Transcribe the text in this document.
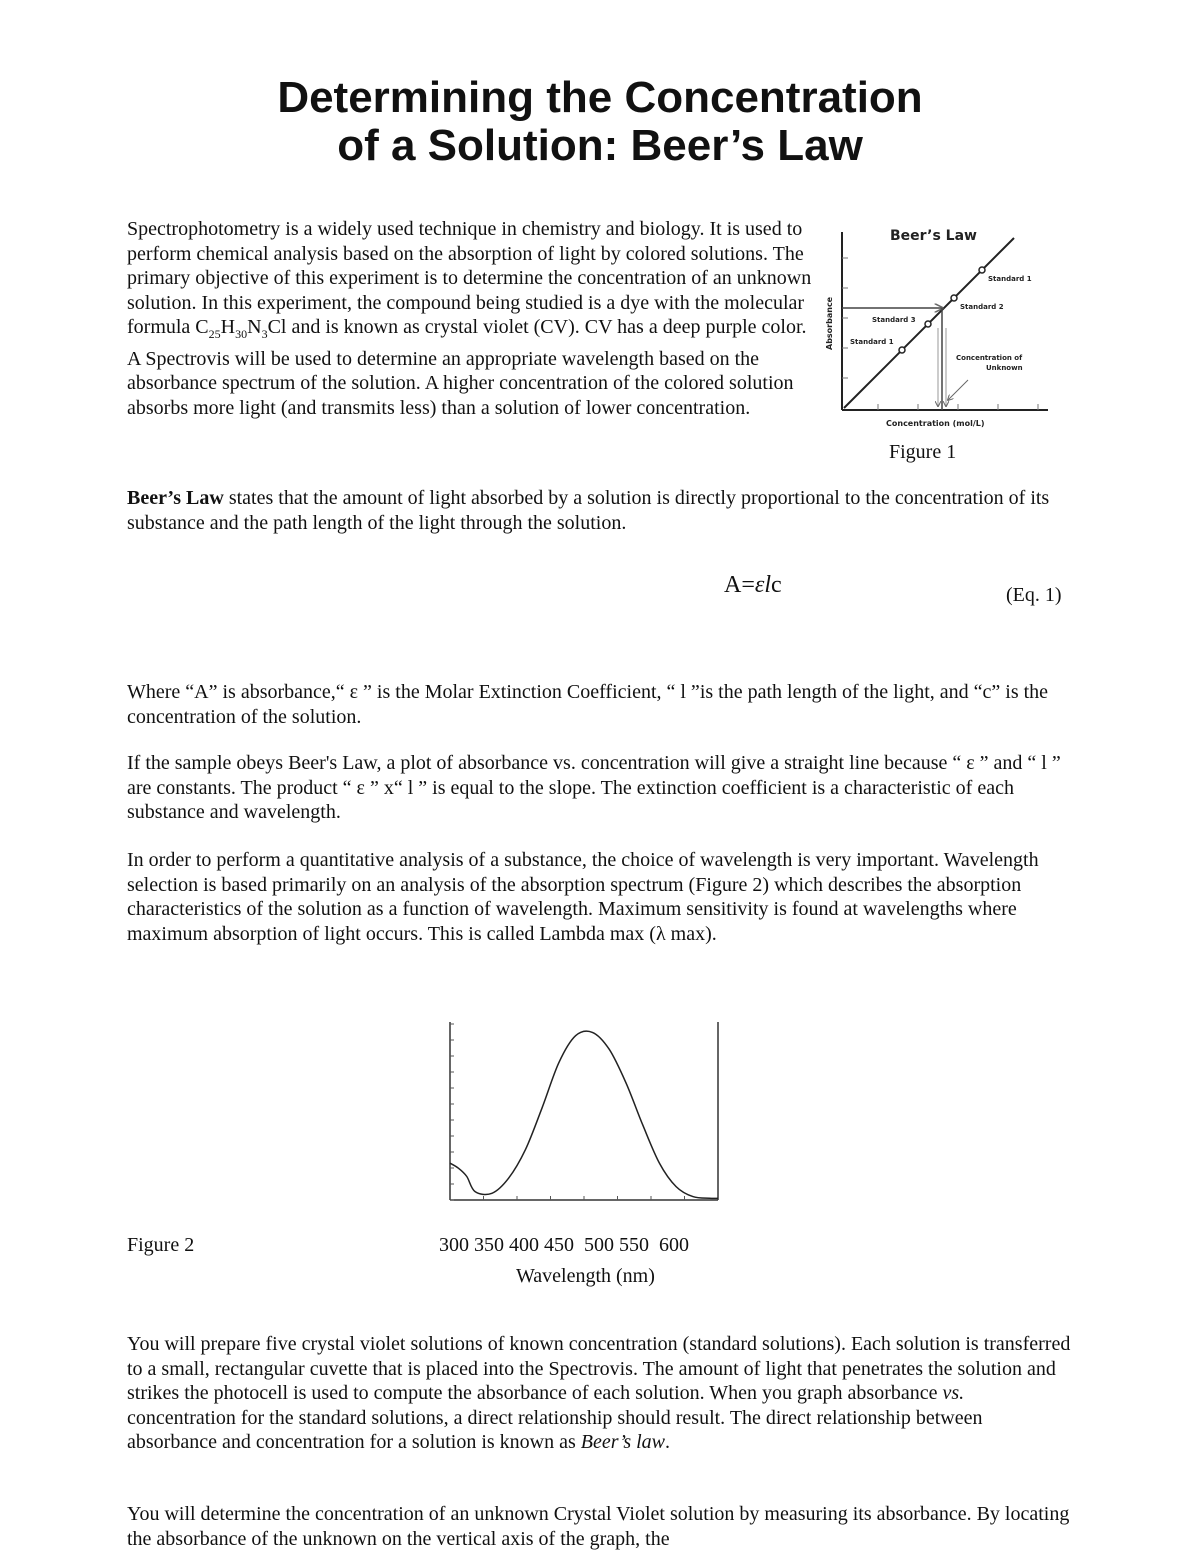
Determining the Concentration
of a Solution: Beer’s Law

Spectrophotometry is a widely used technique in chemistry and biology. It is used to perform chemical analysis based on the absorption of light by colored solutions. The primary objective of this experiment is to determine the concentration of an unknown solution. In this experiment, the compound being studied is a dye with the molecular formula $C_{25}H_{30}N_3Cl$ and is known as crystal violet (CV). CV has a deep purple color. A Spectrovis will be used to determine an appropriate wavelength based on the absorbance spectrum of the solution. A higher concentration of the colored solution absorbs more light (and transmits less) than a solution of lower concentration.

Beer’s Law
Standard 1
Standard 2
Standard 3
Standard 1
Concentration of
Unknown
Absorbance
Concentration (mol/L)
Figure 1

Beer’s Law states that the amount of light absorbed by a solution is directly proportional to the concentration of its substance and the path length of the light through the solution.

A=εlc	(Eq. 1)

Where “A” is absorbance,“ ε ” is the Molar Extinction Coefficient, “ l ”is the path length of the light, and “c” is the concentration of the solution.

If the sample obeys Beer's Law, a plot of absorbance vs. concentration will give a straight line because “ ε ” and “ l ” are constants. The product “ ε ” x“ l ” is equal to the slope. The extinction coefficient is a characteristic of each substance and wavelength.

In order to perform a quantitative analysis of a substance, the choice of wavelength is very important. Wavelength selection is based primarily on an analysis of the absorption spectrum (Figure 2) which describes the absorption characteristics of the solution as a function of wavelength. Maximum sensitivity is found at wavelengths where maximum absorption of light occurs. This is called Lambda max (λ max).

Figure 2	300 350 400 450  500 550  600
Wavelength (nm)

You will prepare five crystal violet solutions of known concentration (standard solutions). Each solution is transferred to a small, rectangular cuvette that is placed into the Spectrovis. The amount of light that penetrates the solution and strikes the photocell is used to compute the absorbance of each solution. When you graph absorbance vs. concentration for the standard solutions, a direct relationship should result. The direct relationship between absorbance and concentration for a solution is known as Beer’s law.

You will determine the concentration of an unknown Crystal Violet solution by measuring its absorbance. By locating the absorbance of the unknown on the vertical axis of the graph, the
